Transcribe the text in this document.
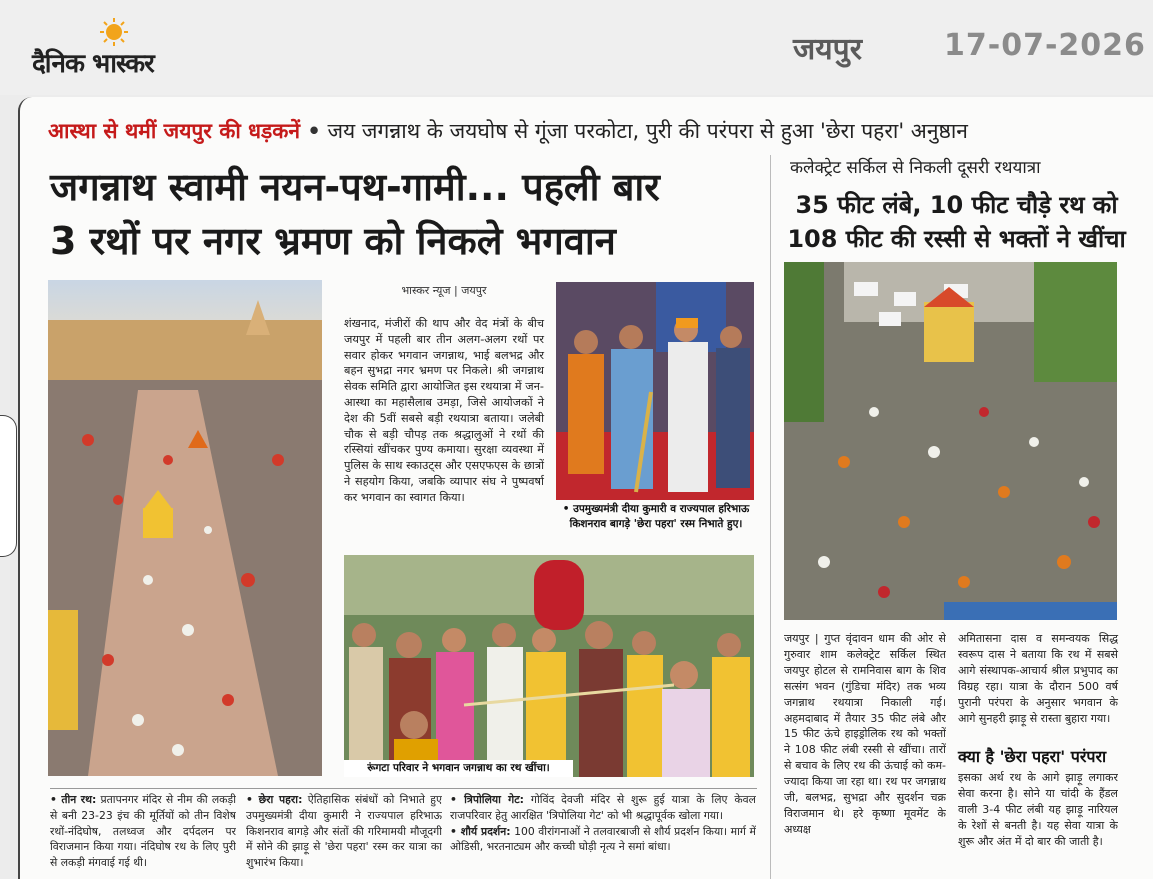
दैनिक भास्कर	जयपुर	17-07-2026
आस्था से थमीं जयपुर की धड़कनें • जय जगन्नाथ के जयघोष से गूंजा परकोटा, पुरी की परंपरा से हुआ 'छेरा पहरा' अनुष्ठान
जगन्नाथ स्वामी नयन-पथ-गामी... पहली बार
3 रथों पर नगर भ्रमण को निकले भगवान
कलेक्ट्रेट सर्किल से निकली दूसरी रथयात्रा
35 फीट लंबे, 10 फीट चौड़े रथ को
108 फीट की रस्सी से भक्तों ने खींचा
भास्कर न्यूज | जयपुर
शंखनाद, मंजीरों की थाप और वेद मंत्रों के बीच जयपुर में पहली बार तीन अलग-अलग रथों पर सवार होकर भगवान जगन्नाथ, भाई बलभद्र और बहन सुभद्रा नगर भ्रमण पर निकले। श्री जगन्नाथ सेवक समिति द्वारा आयोजित इस रथयात्रा में जन-आस्था का महासैलाब उमड़ा, जिसे आयोजकों ने देश की 5वीं सबसे बड़ी रथयात्रा बताया। जलेबी चौक से बड़ी चौपड़ तक श्रद्धालुओं ने रथों की रस्सियां खींचकर पुण्य कमाया। सुरक्षा व्यवस्था में पुलिस के साथ स्काउट्स और एसएफएस के छात्रों ने सहयोग किया, जबकि व्यापार संघ ने पुष्पवर्षा कर भगवान का स्वागत किया।
• उपमुख्यमंत्री दीया कुमारी व राज्यपाल हरिभाऊ किशनराव बागड़े 'छेरा पहरा' रस्म निभाते हुए।
रूंगटा परिवार ने भगवान जगन्नाथ का रथ खींचा।
जयपुर | गुप्त वृंदावन धाम की ओर से गुरुवार शाम कलेक्ट्रेट सर्किल स्थित जयपुर होटल से रामनिवास बाग के शिव सत्संग भवन (गुंडिचा मंदिर) तक भव्य जगन्नाथ रथयात्रा निकाली गई। अहमदाबाद में तैयार 35 फीट लंबे और 15 फीट ऊंचे हाइड्रोलिक रथ को भक्तों ने 108 फीट लंबी रस्सी से खींचा। तारों से बचाव के लिए रथ की ऊंचाई को कम-ज्यादा किया जा रहा था। रथ पर जगन्नाथ जी, बलभद्र, सुभद्रा और सुदर्शन चक्र विराजमान थे। हरे कृष्णा मूवमेंट के अध्यक्ष
अमितासना दास व समन्वयक सिद्ध स्वरूप दास ने बताया कि रथ में सबसे आगे संस्थापक-आचार्य श्रील प्रभुपाद का विग्रह रहा। यात्रा के दौरान 500 वर्ष पुरानी परंपरा के अनुसार भगवान के आगे सुनहरी झाड़ू से रास्ता बुहारा गया।
क्या है 'छेरा पहरा' परंपरा
इसका अर्थ रथ के आगे झाड़ू लगाकर सेवा करना है। सोने या चांदी के हैंडल वाली 3-4 फीट लंबी यह झाड़ू नारियल के रेशों से बनती है। यह सेवा यात्रा के शुरू और अंत में दो बार की जाती है।
• तीन रथ: प्रतापनगर मंदिर से नीम की लकड़ी से बनी 23-23 इंच की मूर्तियों को तीन विशेष रथों-नंदिघोष, तलध्वज और दर्पदलन पर विराजमान किया गया। नंदिघोष रथ के लिए पुरी से लकड़ी मंगवाई गई थी।
• छेरा पहरा: ऐतिहासिक संबंधों को निभाते हुए उपमुख्यमंत्री दीया कुमारी ने राज्यपाल हरिभाऊ किशनराव बागड़े और संतों की गरिमामयी मौजूदगी में सोने की झाड़ू से 'छेरा पहरा' रस्म कर यात्रा का शुभारंभ किया।
• त्रिपोलिया गेट: गोविंद देवजी मंदिर से शुरू हुई यात्रा के लिए केवल राजपरिवार हेतु आरक्षित 'त्रिपोलिया गेट' को भी श्रद्धापूर्वक खोला गया।
• शौर्य प्रदर्शन: 100 वीरांगनाओं ने तलवारबाजी से शौर्य प्रदर्शन किया। मार्ग में ओडिसी, भरतनाट्यम और कच्ची घोड़ी नृत्य ने समां बांधा।
